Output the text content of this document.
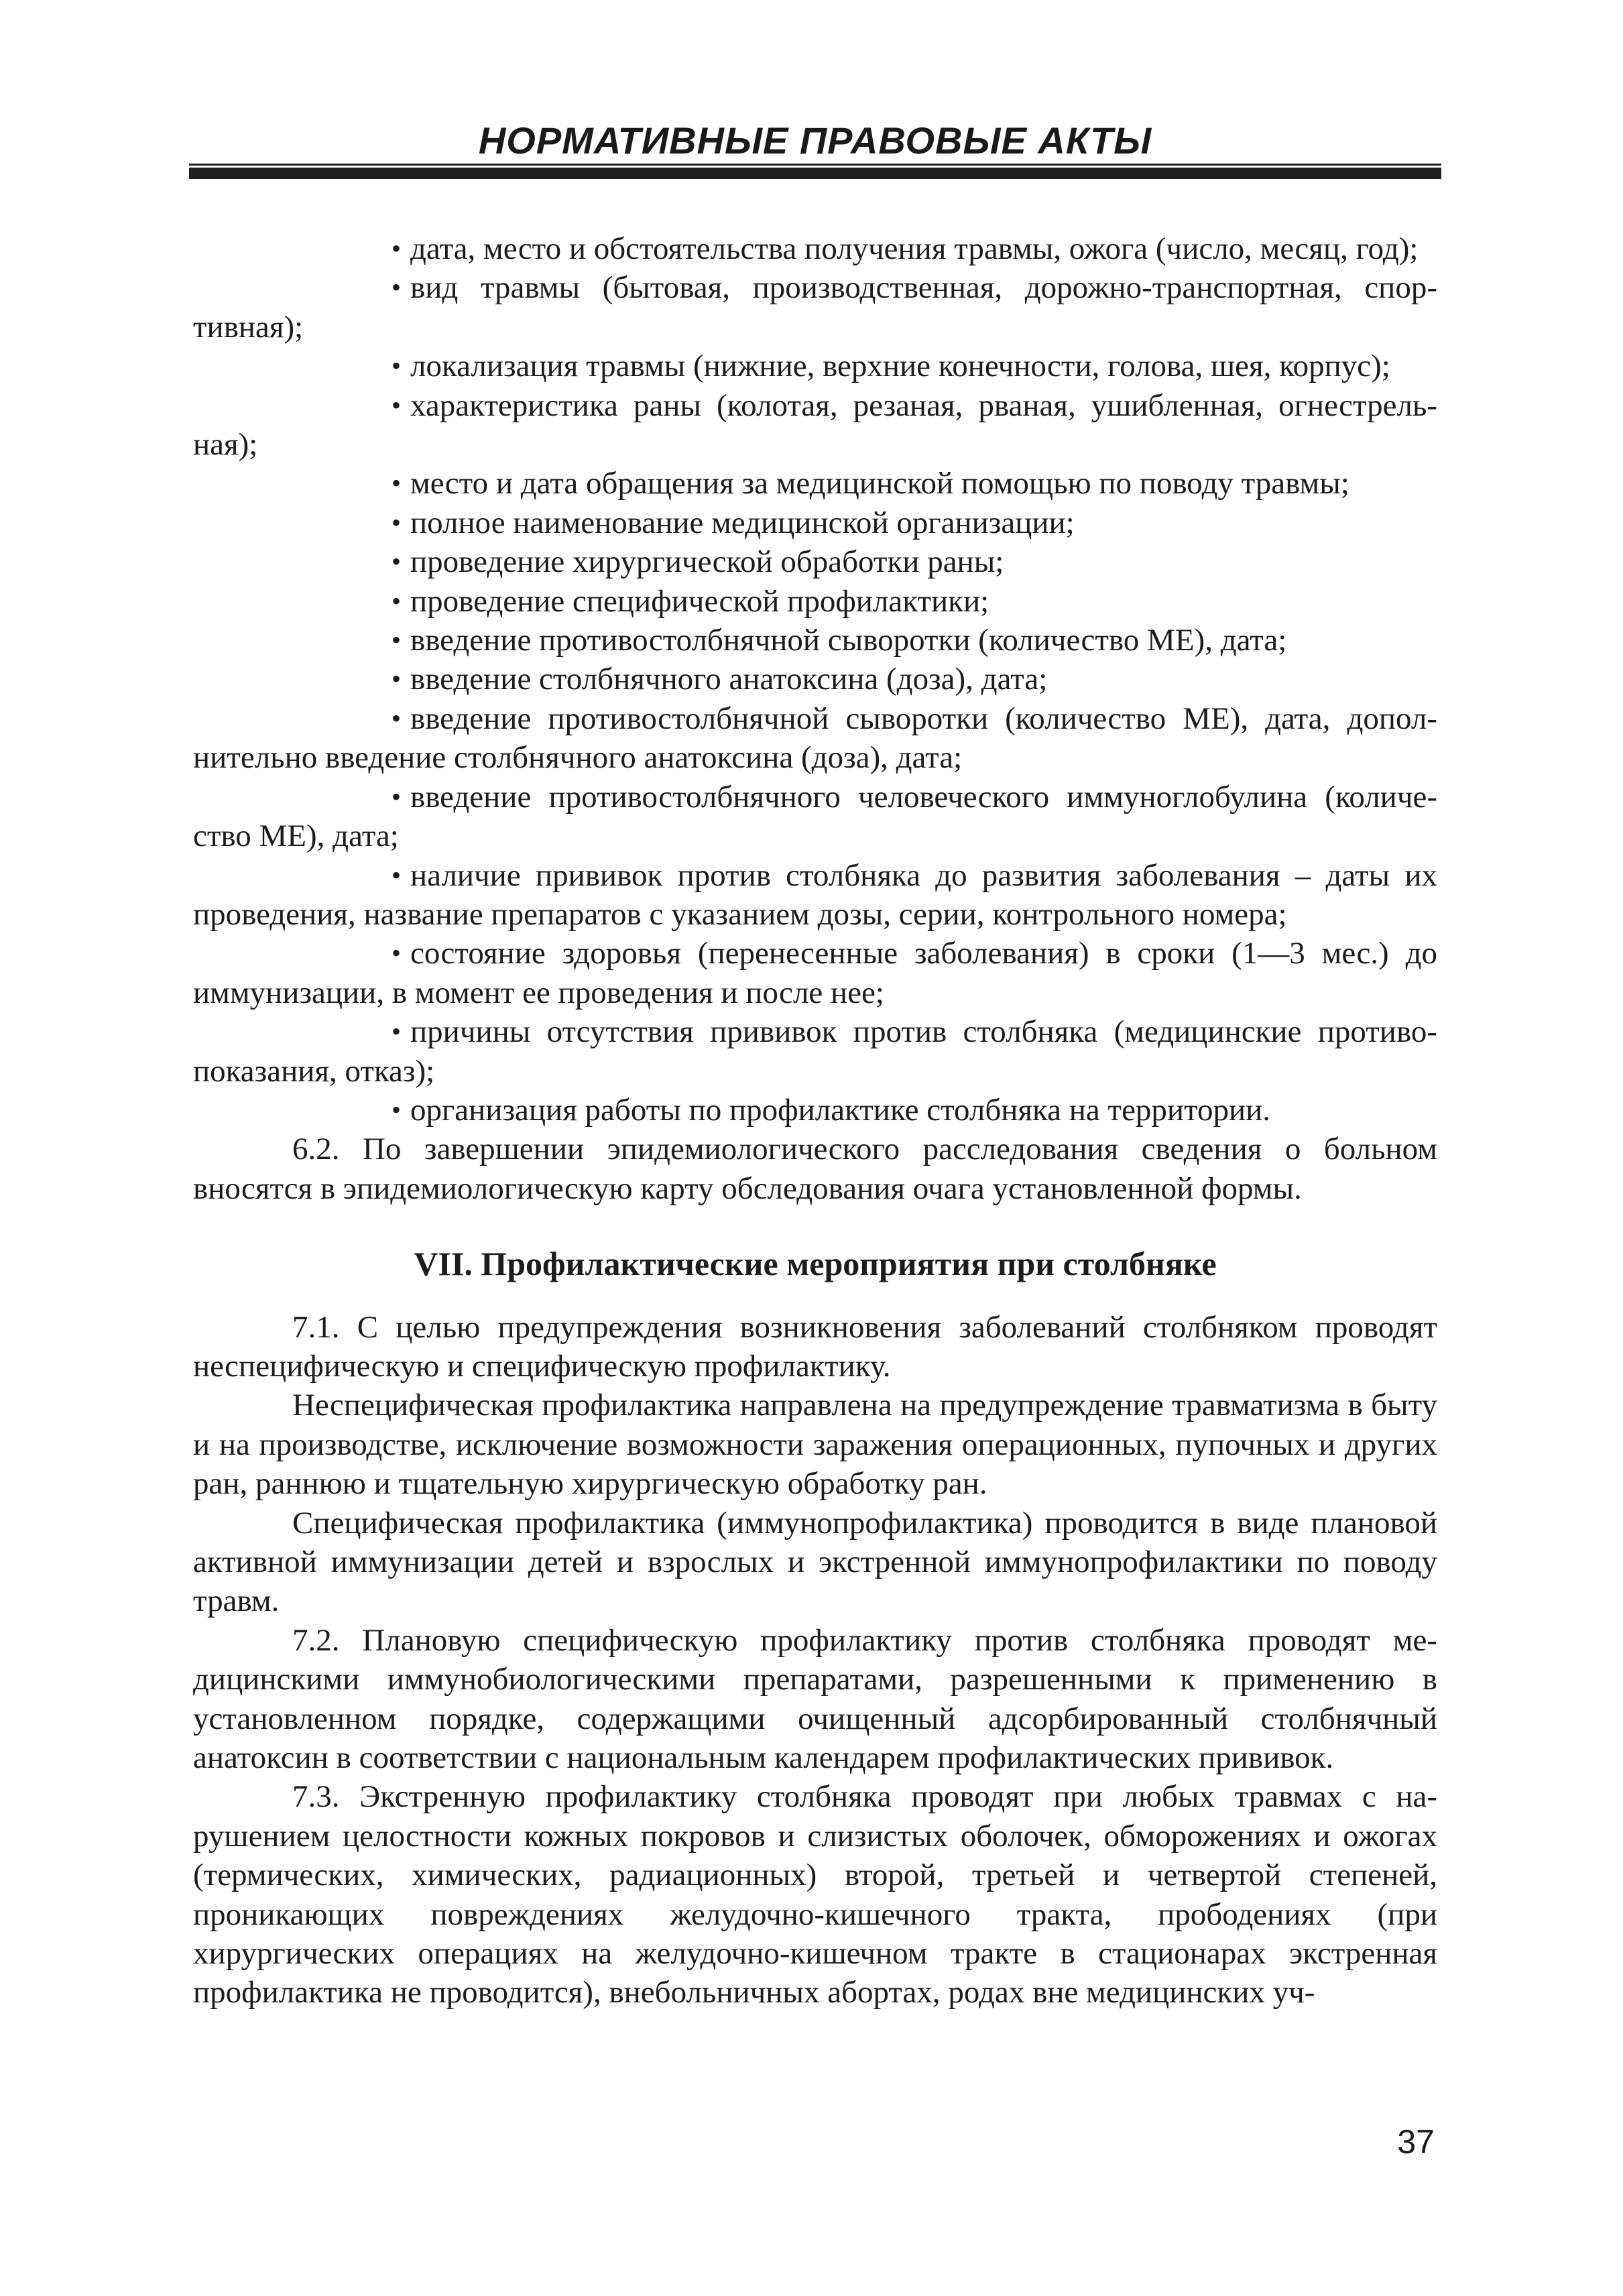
НОРМАТИВНЫЕ ПРАВОВЫЕ АКТЫ

• дата, место и обстоятельства получения травмы, ожога (число, месяц, год);

• вид травмы (бытовая, производственная, дорожно-транспортная, спортивная);

• локализация травмы (нижние, верхние конечности, голова, шея, корпус);

• характеристика раны (колотая, резаная, рваная, ушибленная, огнестрельная);

• место и дата обращения за медицинской помощью по поводу травмы;

• полное наименование медицинской организации;

• проведение хирургической обработки раны;

• проведение специфической профилактики;

• введение противостолбнячной сыворотки (количество МЕ), дата;

• введение столбнячного анатоксина (доза), дата;

• введение противостолбнячной сыворотки (количество МЕ), дата, дополнительно введение столбнячного анатоксина (доза), дата;

• введение противостолбнячного человеческого иммуноглобулина (количество МЕ), дата;

• наличие прививок против столбняка до развития заболевания – даты их проведения, название препаратов с указанием дозы, серии, контрольного номера;

• состояние здоровья (перенесенные заболевания) в сроки (1—3 мес.) до иммунизации, в момент ее проведения и после нее;

• причины отсутствия прививок против столбняка (медицинские противопоказания, отказ);

• организация работы по профилактике столбняка на территории.

6.2. По завершении эпидемиологического расследования сведения о больном вносятся в эпидемиологическую карту обследования очага установленной формы.

VII. Профилактические мероприятия при столбняке

7.1. С целью предупреждения возникновения заболеваний столбняком проводят неспецифическую и специфическую профилактику.

Неспецифическая профилактика направлена на предупреждение травматизма в быту и на производстве, исключение возможности заражения операционных, пупочных и других ран, раннюю и тщательную хирургическую обработку ран.

Специфическая профилактика (иммунопрофилактика) проводится в виде плановой активной иммунизации детей и взрослых и экстренной иммунопрофилактики по поводу травм.

7.2. Плановую специфическую профилактику против столбняка проводят медицинскими иммунобиологическими препаратами, разрешенными к применению в установленном порядке, содержащими очищенный адсорбированный столбнячный анатоксин в соответствии с национальным календарем профилактических прививок.

7.3. Экстренную профилактику столбняка проводят при любых травмах с нарушением целостности кожных покровов и слизистых оболочек, обморожениях и ожогах (термических, химических, радиационных) второй, третьей и четвертой степеней, проникающих повреждениях желудочно-кишечного тракта, прободениях (при хирургических операциях на желудочно-кишечном тракте в стационарах экстренная профилактика не проводится), внебольничных абортах, родах вне медицинских уч-

37
